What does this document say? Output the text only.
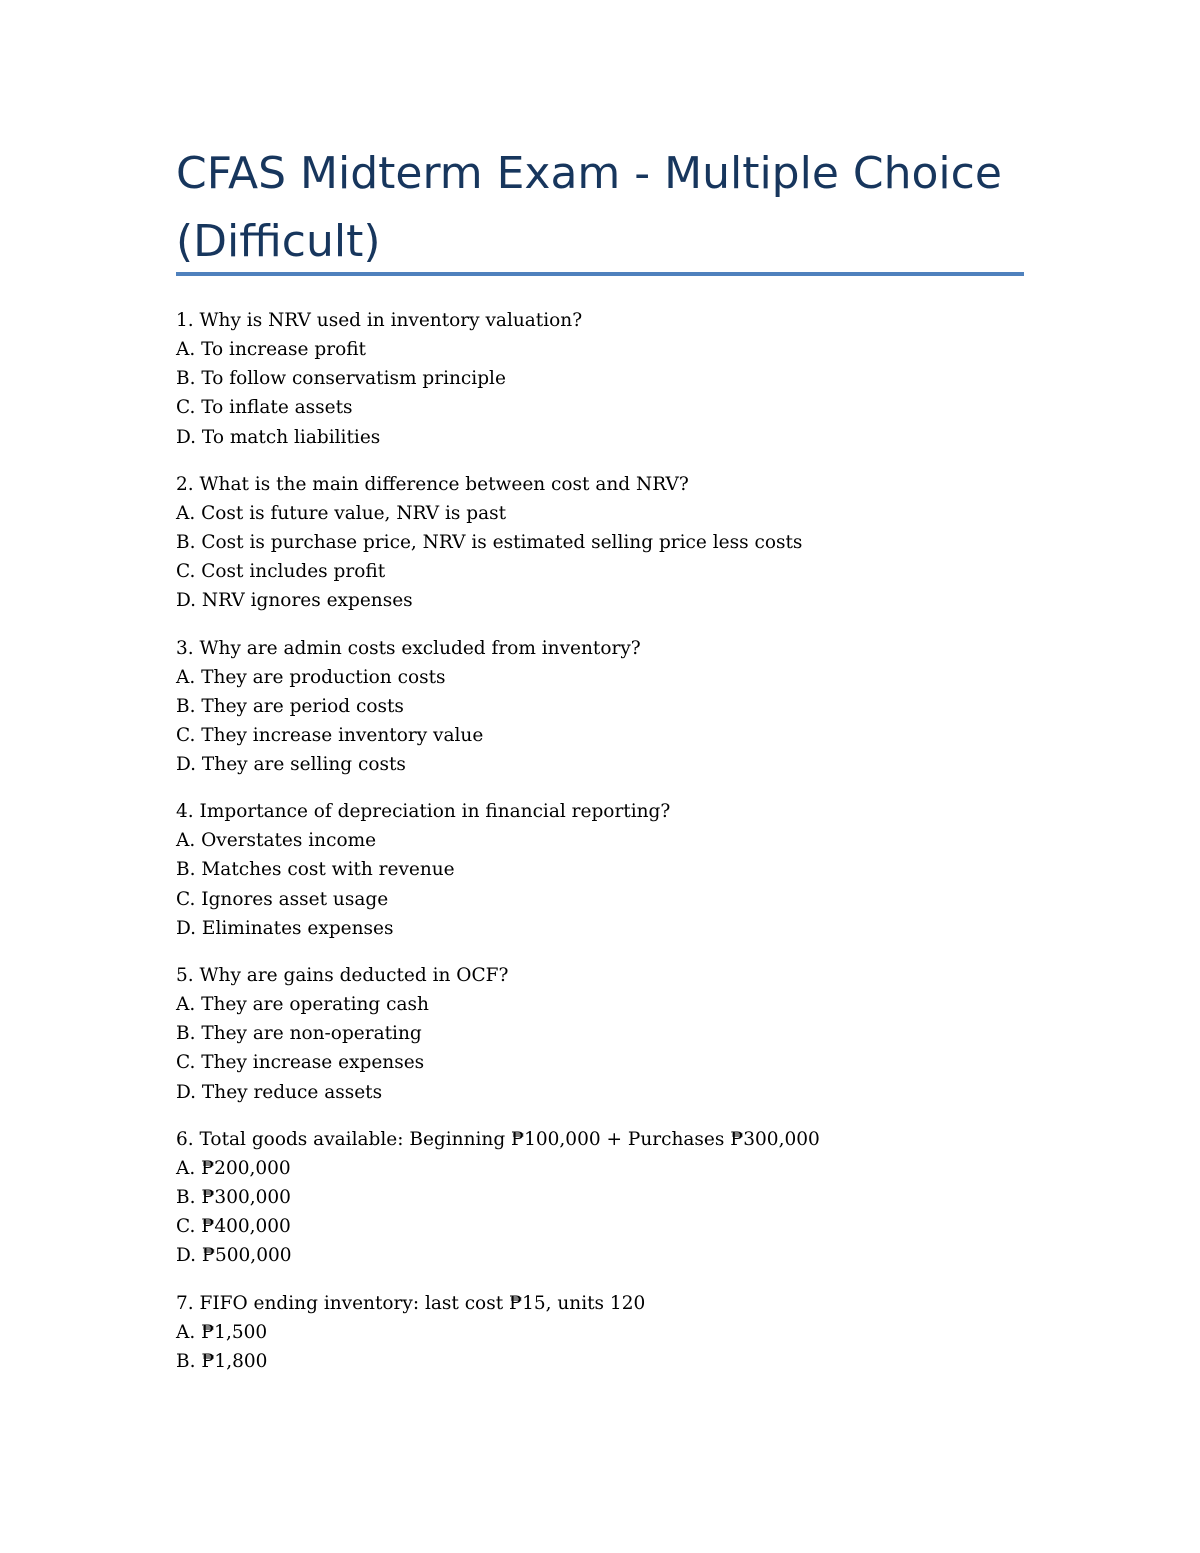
CFAS Midterm Exam - Multiple Choice (Difficult)
1. Why is NRV used in inventory valuation?
A. To increase profit
B. To follow conservatism principle
C. To inflate assets
D. To match liabilities
2. What is the main difference between cost and NRV?
A. Cost is future value, NRV is past
B. Cost is purchase price, NRV is estimated selling price less costs
C. Cost includes profit
D. NRV ignores expenses
3. Why are admin costs excluded from inventory?
A. They are production costs
B. They are period costs
C. They increase inventory value
D. They are selling costs
4. Importance of depreciation in financial reporting?
A. Overstates income
B. Matches cost with revenue
C. Ignores asset usage
D. Eliminates expenses
5. Why are gains deducted in OCF?
A. They are operating cash
B. They are non-operating
C. They increase expenses
D. They reduce assets
6. Total goods available: Beginning ₱100,000 + Purchases ₱300,000
A. ₱200,000
B. ₱300,000
C. ₱400,000
D. ₱500,000
7. FIFO ending inventory: last cost ₱15, units 120
A. ₱1,500
B. ₱1,800
